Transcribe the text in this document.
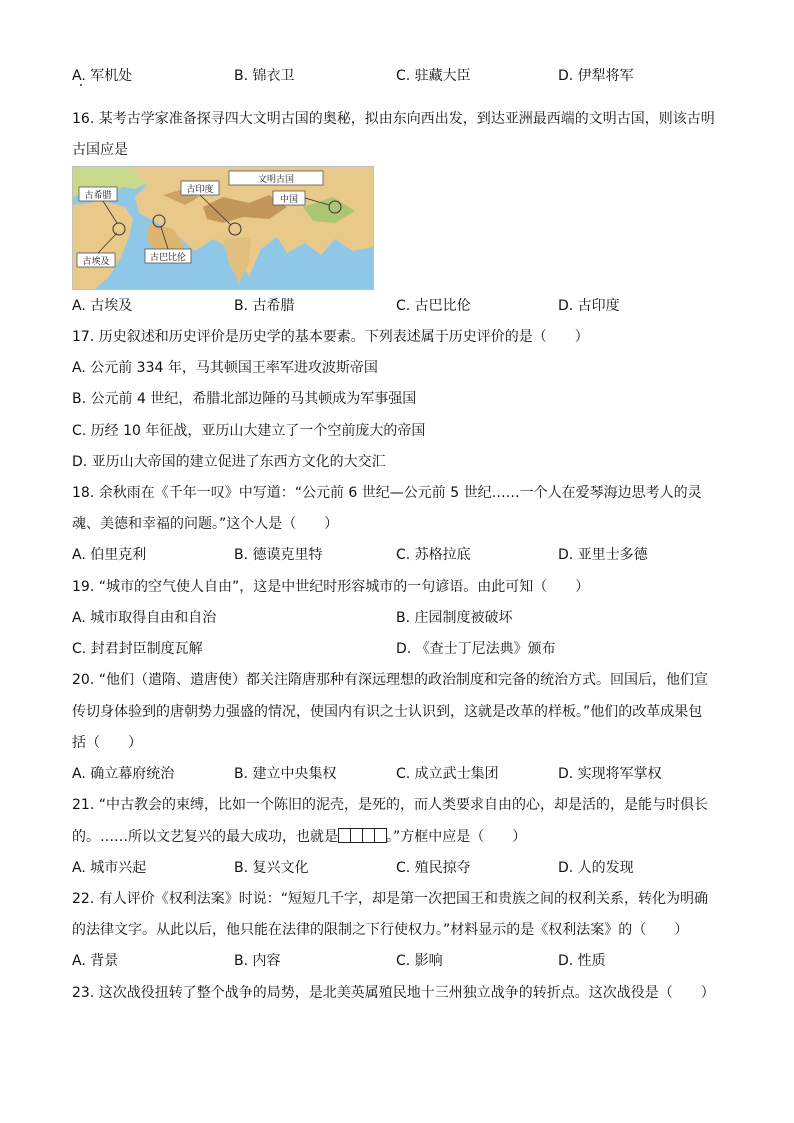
A. 军机处	B. 锦衣卫	C. 驻藏大臣	D. 伊犁将军
16. 某考古学家准备探寻四大文明古国的奥秘，拟由东向西出发，到达亚洲最西端的文明古国，则该古明
古国应是
文明古国
古希腊
古印度
中国
古埃及	古巴比伦
A. 古埃及	B. 古希腊	C. 古巴比伦	D. 古印度
17. 历史叙述和历史评价是历史学的基本要素。下列表述属于历史评价的是（　　）
A. 公元前 334 年，马其顿国王率军进攻波斯帝国
B. 公元前 4 世纪，希腊北部边陲的马其顿成为军事强国
C. 历经 10 年征战，亚历山大建立了一个空前庞大的帝国
D. 亚历山大帝国的建立促进了东西方文化的大交汇
18. 余秋雨在《千年一叹》中写道：“公元前 6 世纪—公元前 5 世纪……一个人在爱琴海边思考人的灵
魂、美德和幸福的问题。”这个人是（　　）
A. 伯里克利	B. 德谟克里特	C. 苏格拉底	D. 亚里士多德
19. “城市的空气使人自由”，这是中世纪时形容城市的一句谚语。由此可知（　　）
A. 城市取得自由和自治	B. 庄园制度被破坏
C. 封君封臣制度瓦解	D. 《查士丁尼法典》颁布
20. “他们（遣隋、遣唐使）都关注隋唐那种有深远理想的政治制度和完备的统治方式。回国后，他们宣
传切身体验到的唐朝势力强盛的情况，使国内有识之士认识到，这就是改革的样板。”他们的改革成果包
括（　　）
A. 确立幕府统治	B. 建立中央集权	C. 成立武士集团	D. 实现将军掌权
21. “中古教会的束缚，比如一个陈旧的泥壳，是死的，而人类要求自由的心，却是活的，是能与时俱长
的。……所以文艺复兴的最大成功，也就是	。”方框中应是（　　）
A. 城市兴起	B. 复兴文化	C. 殖民掠夺	D. 人的发现
22. 有人评价《权利法案》时说：“短短几千字，却是第一次把国王和贵族之间的权利关系，转化为明确
的法律文字。从此以后，他只能在法律的限制之下行使权力。”材料显示的是《权利法案》的（　　）
A. 背景	B. 内容	C. 影响	D. 性质
23. 这次战役扭转了整个战争的局势，是北美英属殖民地十三州独立战争的转折点。这次战役是（　　）
